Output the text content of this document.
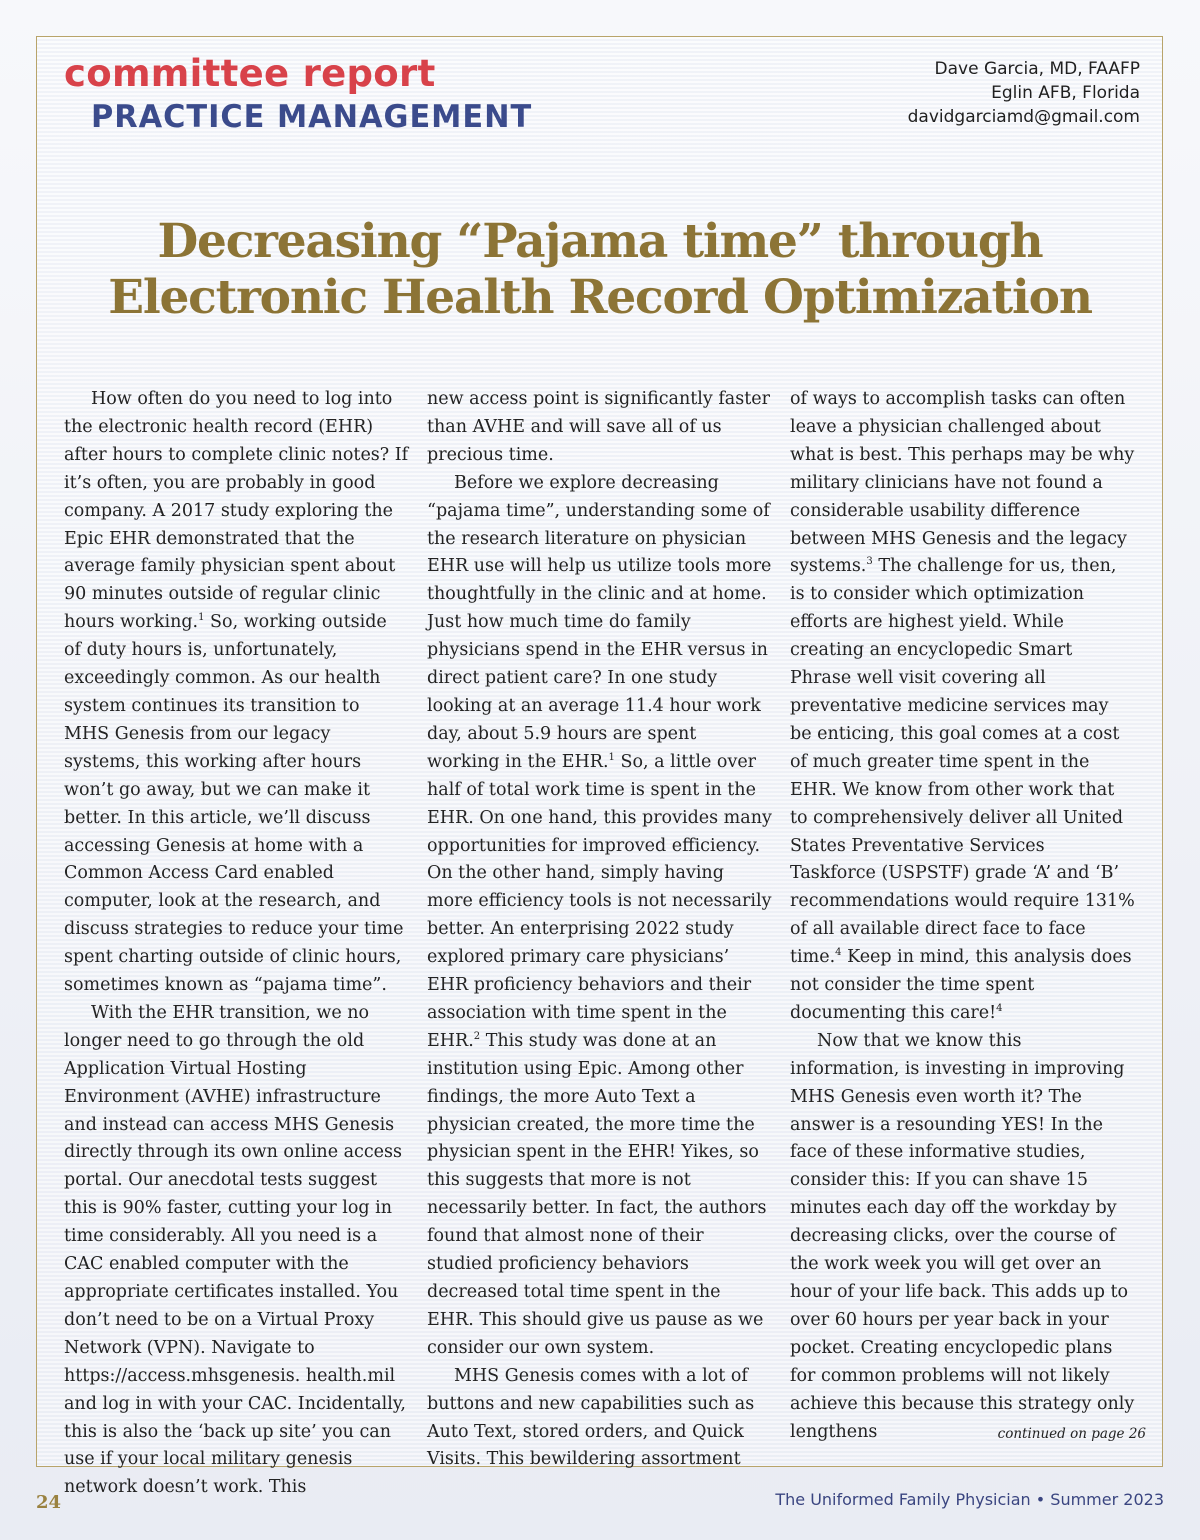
committee report
PRACTICE MANAGEMENT
Dave Garcia, MD, FAAFP
Eglin AFB, Florida
davidgarciamd@gmail.com
Decreasing “Pajama time” through Electronic Health Record Optimization

How often do you need to log into the electronic health record (EHR) after hours to complete clinic notes? If it’s often, you are probably in good company. A 2017 study exploring the Epic EHR demonstrated that the average family physician spent about 90 minutes outside of regular clinic hours working.$^1$ So, working outside of duty hours is, unfortunately, exceedingly common. As our health system continues its transition to MHS Genesis from our legacy systems, this working after hours won’t go away, but we can make it better. In this article, we’ll discuss accessing Genesis at home with a Common Access Card enabled computer, look at the research, and discuss strategies to reduce your time spent charting outside of clinic hours, sometimes known as “pajama time”.

With the EHR transition, we no longer need to go through the old Application Virtual Hosting Environment (AVHE) infrastructure and instead can access MHS Genesis directly through its own online access portal. Our anecdotal tests suggest this is 90% faster, cutting your log in time considerably. All you need is a CAC enabled computer with the appropriate certificates installed. You don’t need to be on a Virtual Proxy Network (VPN). Navigate to https://access.mhsgenesis. health.mil and log in with your CAC. Incidentally, this is also the ‘back up site’ you can use if your local military genesis network doesn’t work. This

new access point is significantly faster than AVHE and will save all of us precious time.

Before we explore decreasing “pajama time”, understanding some of the research literature on physician EHR use will help us utilize tools more thoughtfully in the clinic and at home. Just how much time do family physicians spend in the EHR versus in direct patient care? In one study looking at an average 11.4 hour work day, about 5.9 hours are spent working in the EHR.$^1$ So, a little over half of total work time is spent in the EHR. On one hand, this provides many opportunities for improved efficiency. On the other hand, simply having more efficiency tools is not necessarily better. An enterprising 2022 study explored primary care physicians’ EHR proficiency behaviors and their association with time spent in the EHR.$^2$ This study was done at an institution using Epic. Among other findings, the more Auto Text a physician created, the more time the physician spent in the EHR! Yikes, so this suggests that more is not necessarily better. In fact, the authors found that almost none of their studied proficiency behaviors decreased total time spent in the EHR. This should give us pause as we consider our own system.

MHS Genesis comes with a lot of buttons and new capabilities such as Auto Text, stored orders, and Quick Visits. This bewildering assortment

of ways to accomplish tasks can often leave a physician challenged about what is best. This perhaps may be why military clinicians have not found a considerable usability difference between MHS Genesis and the legacy systems.$^3$ The challenge for us, then, is to consider which optimization efforts are highest yield. While creating an encyclopedic Smart Phrase well visit covering all preventative medicine services may be enticing, this goal comes at a cost of much greater time spent in the EHR. We know from other work that to comprehensively deliver all United States Preventative Services Taskforce (USPSTF) grade ‘A’ and ‘B’ recommendations would require 131% of all available direct face to face time.$^4$ Keep in mind, this analysis does not consider the time spent documenting this care!$^4$

Now that we know this information, is investing in improving MHS Genesis even worth it? The answer is a resounding YES! In the face of these informative studies, consider this: If you can shave 15 minutes each day off the workday by decreasing clicks, over the course of the work week you will get over an hour of your life back. This adds up to over 60 hours per year back in your pocket. Creating encyclopedic plans for common problems will not likely achieve this because this strategy only lengthens	continued on page 26
24	The Uniformed Family Physician • Summer 2023
